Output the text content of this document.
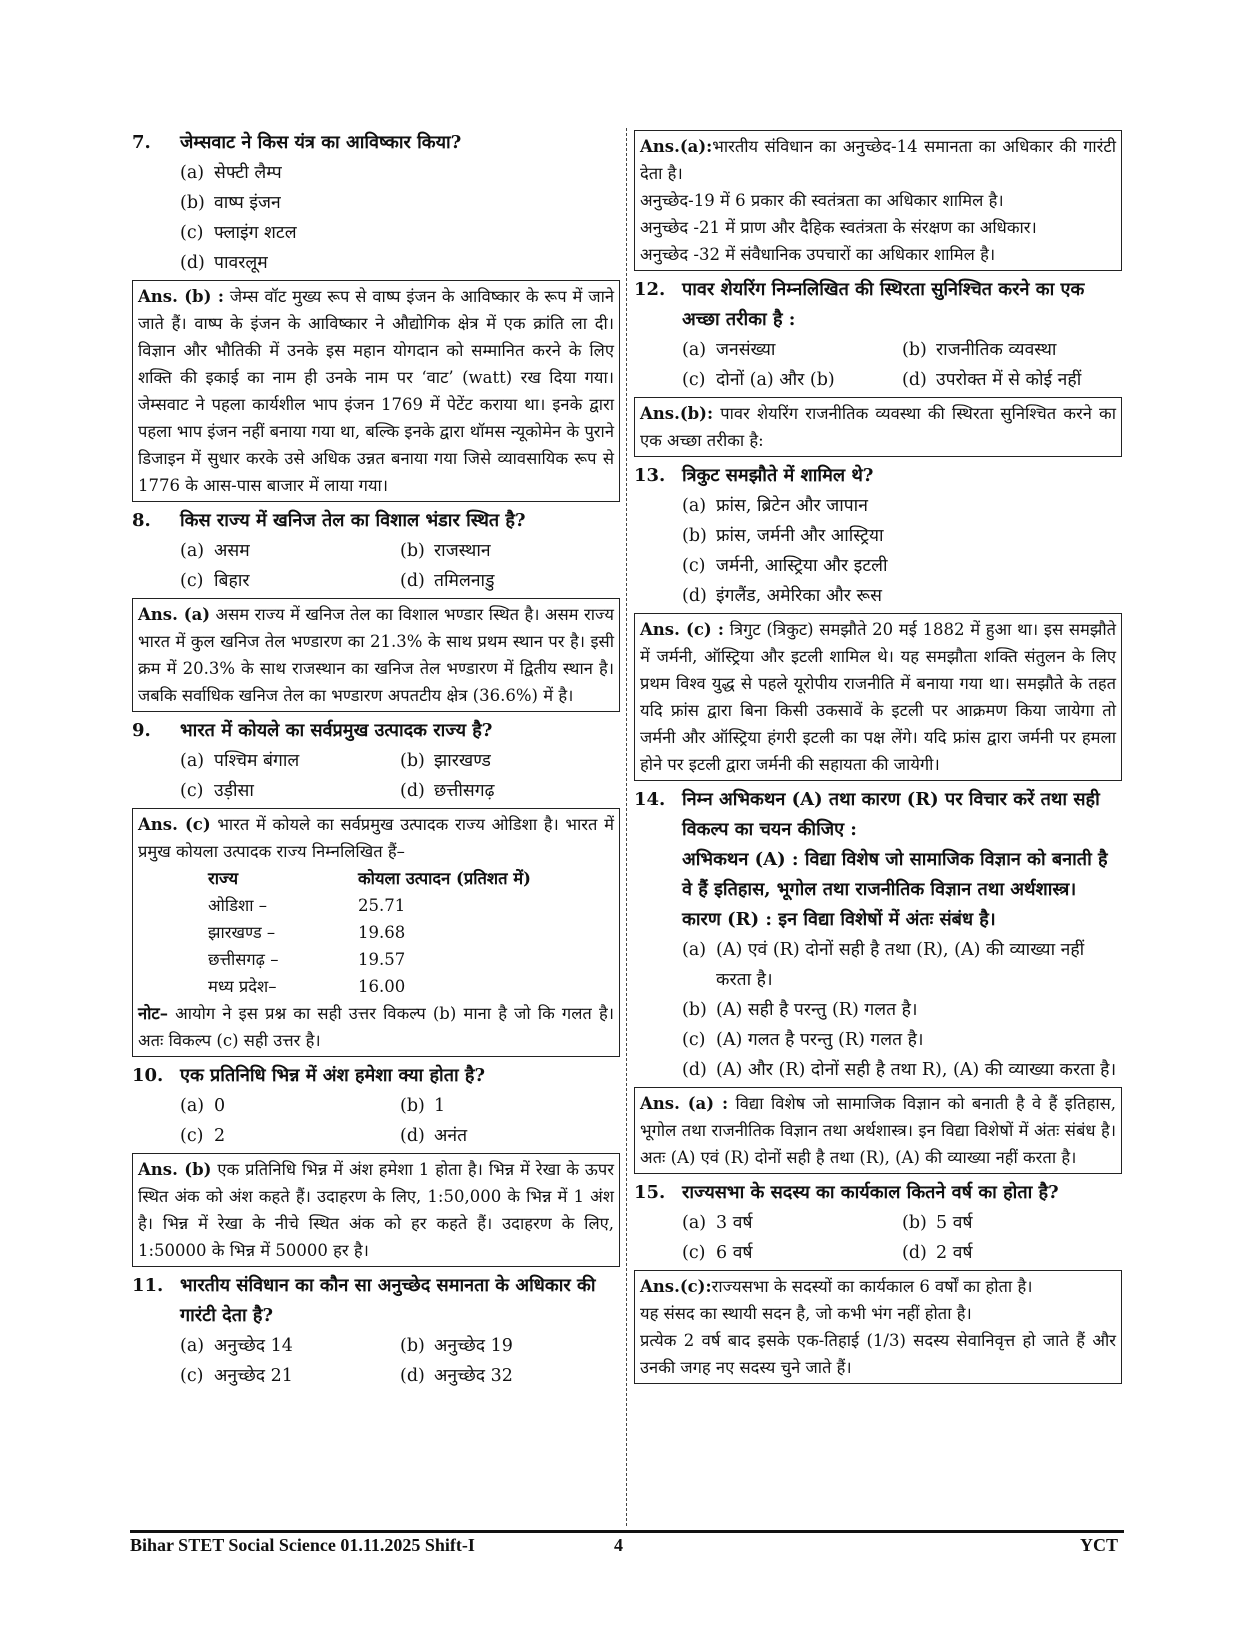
7.	जेम्सवाट ने किस यंत्र का आविष्कार किया?
(a) सेफ्टी लैम्प
(b) वाष्प इंजन
(c) फ्लाइंग शटल
(d) पावरलूम
Ans. (b) : जेम्स वॉट मुख्य रूप से वाष्प इंजन के आविष्कार के रूप में जाने जाते हैं। वाष्प के इंजन के आविष्कार ने औद्योगिक क्षेत्र में एक क्रांति ला दी। विज्ञान और भौतिकी में उनके इस महान योगदान को सम्मानित करने के लिए शक्ति की इकाई का नाम ही उनके नाम पर ‘वाट’ (watt) रख दिया गया। जेम्सवाट ने पहला कार्यशील भाप इंजन 1769 में पेटेंट कराया था। इनके द्वारा पहला भाप इंजन नहीं बनाया गया था, बल्कि इनके द्वारा थॉमस न्यूकोमेन के पुराने डिजाइन में सुधार करके उसे अधिक उन्नत बनाया गया जिसे व्यावसायिक रूप से 1776 के आस-पास बाजार में लाया गया।
8.	किस राज्य में खनिज तेल का विशाल भंडार स्थित है?
(a) असम	(b) राजस्थान
(c) बिहार	(d) तमिलनाडु
Ans. (a) असम राज्य में खनिज तेल का विशाल भण्डार स्थित है। असम राज्य भारत में कुल खनिज तेल भण्डारण का 21.3% के साथ प्रथम स्थान पर है। इसी क्रम में 20.3% के साथ राजस्थान का खनिज तेल भण्डारण में द्वितीय स्थान है। जबकि सर्वाधिक खनिज तेल का भण्डारण अपतटीय क्षेत्र (36.6%) में है।
9.	भारत में कोयले का सर्वप्रमुख उत्पादक राज्य है?
(a) पश्चिम बंगाल	(b) झारखण्ड
(c) उड़ीसा	(d) छत्तीसगढ़
Ans. (c) भारत में कोयले का सर्वप्रमुख उत्पादक राज्य ओडिशा है। भारत में प्रमुख कोयला उत्पादक राज्य निम्नलिखित हैं–
राज्य	कोयला उत्पादन (प्रतिशत में)
ओडिशा –	25.71
झारखण्ड –	19.68
छत्तीसगढ़ –	19.57
मध्य प्रदेश–	16.00

नोट– आयोग ने इस प्रश्न का सही उत्तर विकल्प (b) माना है जो कि गलत है। अतः विकल्प (c) सही उत्तर है।

10. एक प्रतिनिधि भिन्न में अंश हमेशा क्या होता है?
(a) 0	(b) 1
(c) 2	(d) अनंत
Ans. (b) एक प्रतिनिधि भिन्न में अंश हमेशा 1 होता है। भिन्न में रेखा के ऊपर स्थित अंक को अंश कहते हैं। उदाहरण के लिए, 1:50,000 के भिन्न में 1 अंश है। भिन्न में रेखा के नीचे स्थित अंक को हर कहते हैं। उदाहरण के लिए, 1:50000 के भिन्न में 50000 हर है।
11. भारतीय संविधान का कौन सा अनुच्छेद समानता के अधिकार की गारंटी देता है?
(a) अनुच्छेद 14	(b) अनुच्छेद 19
(c) अनुच्छेद 21	(d) अनुच्छेद 32

Ans.(a):भारतीय संविधान का अनुच्छेद-14 समानता का अधिकार की गारंटी देता है।

अनुच्छेद-19 में 6 प्रकार की स्वतंत्रता का अधिकार शामिल है।

अनुच्छेद -21 में प्राण और दैहिक स्वतंत्रता के संरक्षण का अधिकार।

अनुच्छेद -32 में संवैधानिक उपचारों का अधिकार शामिल है।

12. पावर शेयरिंग निम्नलिखित की स्थिरता सुनिश्चित करने का एक अच्छा तरीका है :
(a) जनसंख्या	(b) राजनीतिक व्यवस्था
(c) दोनों (a) और (b)	(d) उपरोक्त में से कोई नहीं
Ans.(b): पावर शेयरिंग राजनीतिक व्यवस्था की स्थिरता सुनिश्चित करने का एक अच्छा तरीका है:
13. त्रिकुट समझौते में शामिल थे?
(a) फ्रांस, ब्रिटेन और जापान
(b) फ्रांस, जर्मनी और आस्ट्रिया
(c) जर्मनी, आस्ट्रिया और इटली
(d) इंगलैंड, अमेरिका और रूस
Ans. (c) : त्रिगुट (त्रिकुट) समझौते 20 मई 1882 में हुआ था। इस समझौते में जर्मनी, ऑस्ट्रिया और इटली शामिल थे। यह समझौता शक्ति संतुलन के लिए प्रथम विश्व युद्ध से पहले यूरोपीय राजनीति में बनाया गया था। समझौते के तहत यदि फ्रांस द्वारा बिना किसी उकसावें के इटली पर आक्रमण किया जायेगा तो जर्मनी और ऑस्ट्रिया हंगरी इटली का पक्ष लेंगे। यदि फ्रांस द्वारा जर्मनी पर हमला होने पर इटली द्वारा जर्मनी की सहायता की जायेगी।
14. निम्न अभिकथन (A) तथा कारण (R) पर विचार करें तथा सही विकल्प का चयन कीजिए :
अभिकथन (A) : विद्या विशेष जो सामाजिक विज्ञान को बनाती है वे हैं इतिहास, भूगोल तथा राजनीतिक विज्ञान तथा अर्थशास्त्र।
कारण (R) : इन विद्या विशेषों में अंतः संबंध है।
(a) (A) एवं (R) दोनों सही है तथा (R), (A) की व्याख्या नहीं करता है।
(b) (A) सही है परन्तु (R) गलत है।
(c) (A) गलत है परन्तु (R) गलत है।
(d) (A) और (R) दोनों सही है तथा R), (A) की व्याख्या करता है।
Ans. (a) : विद्या विशेष जो सामाजिक विज्ञान को बनाती है वे हैं इतिहास, भूगोल तथा राजनीतिक विज्ञान तथा अर्थशास्त्र। इन विद्या विशेषों में अंतः संबंध है। अतः (A) एवं (R) दोनों सही है तथा (R), (A) की व्याख्या नहीं करता है।
15. राज्यसभा के सदस्य का कार्यकाल कितने वर्ष का होता है?
(a) 3 वर्ष	(b) 5 वर्ष
(c) 6 वर्ष	(d) 2 वर्ष

Ans.(c):राज्यसभा के सदस्यों का कार्यकाल 6 वर्षों का होता है।

यह संसद का स्थायी सदन है, जो कभी भंग नहीं होता है।

प्रत्येक 2 वर्ष बाद इसके एक-तिहाई (1/3) सदस्य सेवानिवृत्त हो जाते हैं और उनकी जगह नए सदस्य चुने जाते हैं।

Bihar STET Social Science 01.11.2025 Shift-I	4	YCT
